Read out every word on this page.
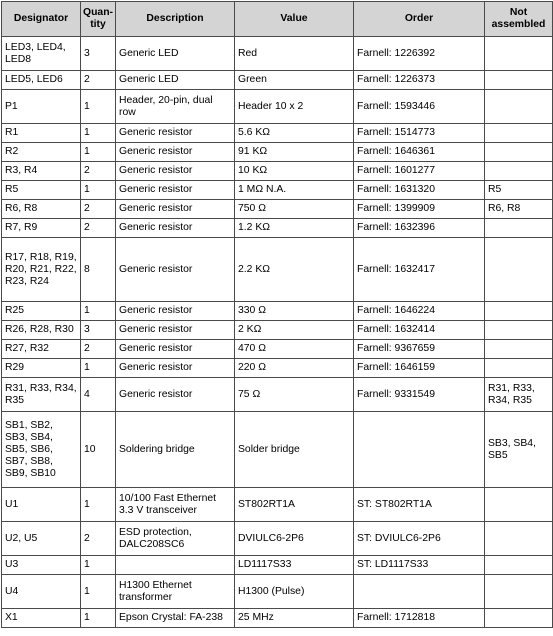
Designator	Quan-tity	Description	Value	Order	Not assembled
LED3, LED4, LED8	3	Generic LED	Red	Farnell: 1226392	
LED5, LED6	2	Generic LED	Green	Farnell: 1226373	
P1	1	Header, 20-pin, dual row	Header 10 x 2	Farnell: 1593446	
R1	1	Generic resistor	5.6 KΩ	Farnell: 1514773	
R2	1	Generic resistor	91 KΩ	Farnell: 1646361	
R3, R4	2	Generic resistor	10 KΩ	Farnell: 1601277	
R5	1	Generic resistor	1 MΩ N.A.	Farnell: 1631320	R5
R6, R8	2	Generic resistor	750 Ω	Farnell: 1399909	R6, R8
R7, R9	2	Generic resistor	1.2 KΩ	Farnell: 1632396	
R17, R18, R19, R20, R21, R22, R23, R24	8	Generic resistor	2.2 KΩ	Farnell: 1632417	
R25	1	Generic resistor	330 Ω	Farnell: 1646224	
R26, R28, R30	3	Generic resistor	2 KΩ	Farnell: 1632414	
R27, R32	2	Generic resistor	470 Ω	Farnell: 9367659	
R29	1	Generic resistor	220 Ω	Farnell: 1646159	
R31, R33, R34, R35	4	Generic resistor	75 Ω	Farnell: 9331549	R31, R33, R34, R35
SB1, SB2, SB3, SB4, SB5, SB6, SB7, SB8, SB9, SB10	10	Soldering bridge	Solder bridge		SB3, SB4, SB5
U1	1	10/100 Fast Ethernet 3.3 V transceiver	ST802RT1A	ST: ST802RT1A	
U2, U5	2	ESD protection, DALC208SC6	DVIULC6-2P6	ST: DVIULC6-2P6	
U3	1		LD1117S33	ST: LD1117S33	
U4	1	H1300 Ethernet transformer	H1300 (Pulse)		
X1	1	Epson Crystal: FA-238	25 MHz	Farnell: 1712818	
